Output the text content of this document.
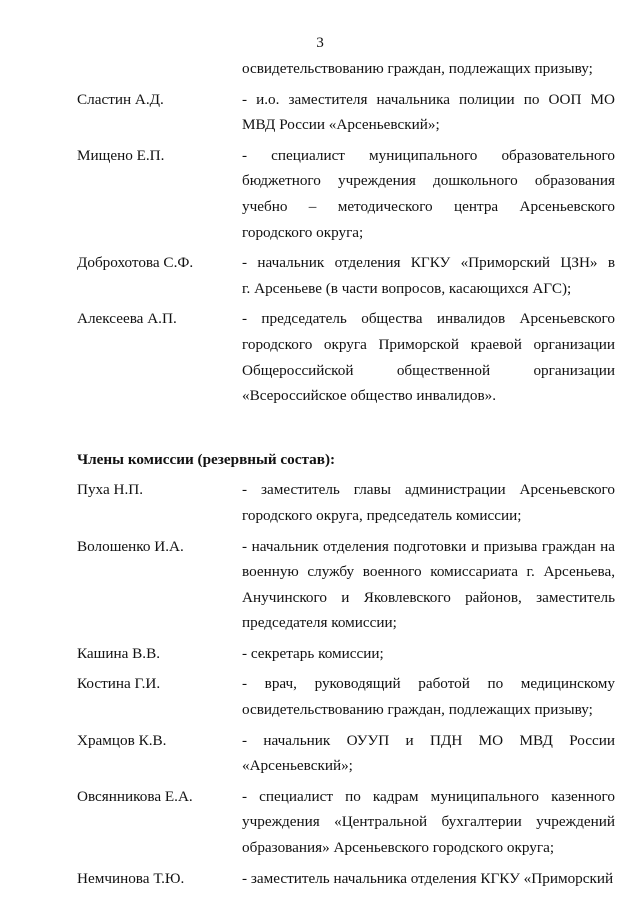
3
освидетельствованию граждан, подлежащих призыву;
Сластин А.Д.	- и.о. заместителя начальника полиции по ООП МО
МВД России «Арсеньевский»;
Мищено Е.П.	- специалист муниципального образовательного
бюджетного учреждения дошкольного образования
учебно – методического центра Арсеньевского
городского округа;
Доброхотова С.Ф.	- начальник отделения КГКУ «Приморский ЦЗН» в
г. Арсеньеве (в части вопросов, касающихся АГС);
Алексеева А.П.	- председатель общества инвалидов Арсеньевского
городского округа Приморской краевой организации
Общероссийской общественной организации
«Всероссийское общество инвалидов».
Члены комиссии (резервный состав):
Пуха Н.П.	- заместитель главы администрации Арсеньевского
городского округа, председатель комиссии;
Волошенко И.А.	- начальник отделения подготовки и призыва граждан на
военную службу военного комиссариата г. Арсеньева,
Анучинского и Яковлевского районов, заместитель
председателя комиссии;
Кашина В.В.	- секретарь комиссии;
Костина Г.И.	- врач, руководящий работой по медицинскому
освидетельствованию граждан, подлежащих призыву;
Храмцов К.В.	- начальник ОУУП и ПДН МО МВД России
«Арсеньевский»;
Овсянникова Е.А.	- специалист по кадрам муниципального казенного
учреждения «Центральной бухгалтерии учреждений
образования» Арсеньевского городского округа;
Немчинова Т.Ю.	- заместитель начальника отделения КГКУ «Приморский
